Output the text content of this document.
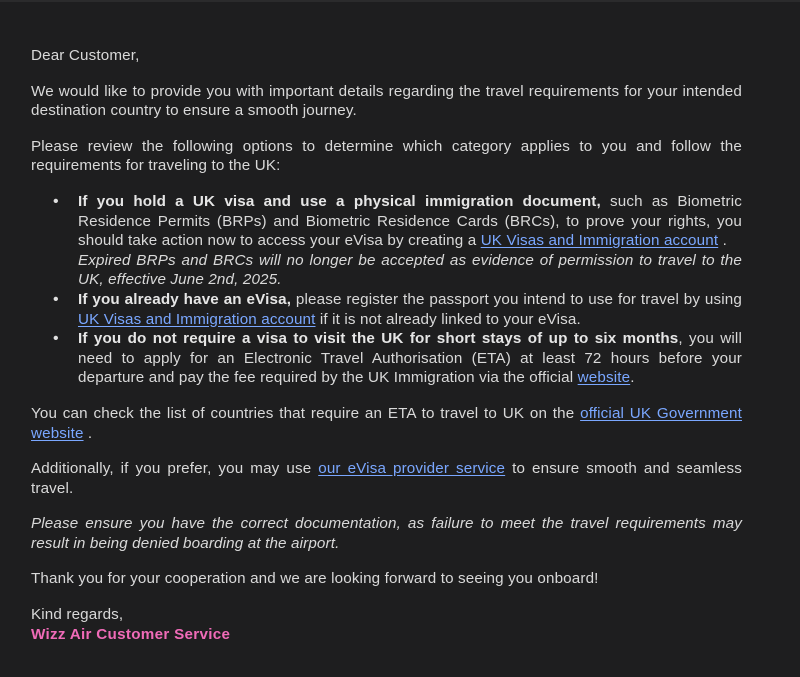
Dear Customer,

We would like to provide you with important details regarding the travel requirements for your intended destination country to ensure a smooth journey.

Please review the following options to determine which category applies to you and follow the requirements for traveling to the UK:

• If you hold a UK visa and use a physical immigration document, such as Biometric Residence Permits (BRPs) and Biometric Residence Cards (BRCs), to prove your rights, you should take action now to access your eVisa by creating a UK Visas and Immigration account .
Expired BRPs and BRCs will no longer be accepted as evidence of permission to travel to the UK, effective June 2nd, 2025.
• If you already have an eVisa, please register the passport you intend to use for travel by using UK Visas and Immigration account if it is not already linked to your eVisa.
• If you do not require a visa to visit the UK for short stays of up to six months, you will need to apply for an Electronic Travel Authorisation (ETA) at least 72 hours before your departure and pay the fee required by the UK Immigration via the official website.

You can check the list of countries that require an ETA to travel to UK on the official UK Government website .

Additionally, if you prefer, you may use our eVisa provider service to ensure smooth and seamless travel.

Please ensure you have the correct documentation, as failure to meet the travel requirements may result in being denied boarding at the airport.

Thank you for your cooperation and we are looking forward to seeing you onboard!

Kind regards,

Wizz Air Customer Service
